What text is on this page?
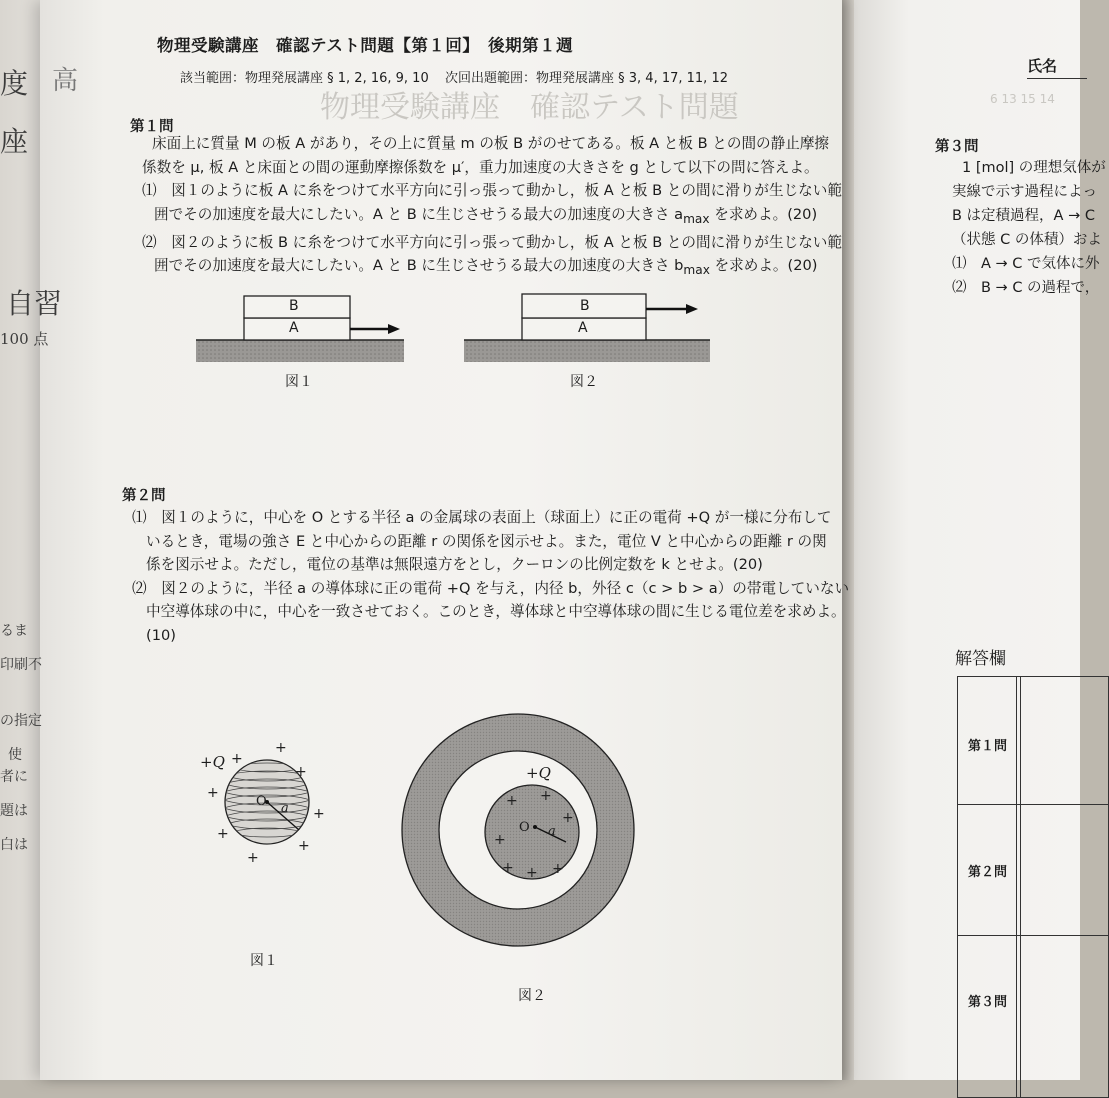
度 高
座
自習
100 点
るま
印刷不
の指定
使
者に
題は
白は
物理受験講座　確認テスト問題
物理受験講座　確認テスト問題【第１回】　後期第１週
該当範囲：物理発展講座 § 1, 2, 16, 9, 10 次回出題範囲：物理発展講座 § 3, 4, 17, 11, 12
第１問
床面上に質量 M の板 A があり，その上に質量 m の板 B がのせてある。板 A と板 B との間の静止摩擦
係数を μ, 板 A と床面との間の運動摩擦係数を μ′，重力加速度の大きさを g として以下の問に答えよ。
⑴　図１のように板 A に糸をつけて水平方向に引っ張って動かし，板 A と板 B との間に滑りが生じない範
囲でその加速度を最大にしたい。A と B に生じさせうる最大の加速度の大きさ $a_{max}$ を求めよ。(20)
⑵　図２のように板 B に糸をつけて水平方向に引っ張って動かし，板 A と板 B との間に滑りが生じない範
囲でその加速度を最大にしたい。A と B に生じさせうる最大の加速度の大きさ $b_{max}$ を求めよ。(20)
B
A
B
A
図１	図２
第２問
⑴　図１のように，中心を O とする半径 a の金属球の表面上（球面上）に正の電荷 +Q が一様に分布して
いるとき，電場の強さ E と中心からの距離 r の関係を図示せよ。また，電位 V と中心からの距離 r の関
係を図示せよ。ただし，電位の基準は無限遠方をとし，クーロンの比例定数を k とせよ。(20)
⑵　図２のように，半径 a の導体球に正の電荷 +Q を与え，内径 b，外径 c（c > b > a）の帯電していない
中空導体球の中に，中心を一致させておく。このとき，導体球と中空導体球の間に生じる電位差を求めよ。
(10)
+
+
+
+
+
+
+
+
+Q
O a
図１
+ +
+
+
+ + +
+Q
O a
図２
6 13 15 14
氏名
第３問
1 [mol] の理想気体が
実線で示す過程によっ
B は定積過程，A → C
（状態 C の体積）およ
⑴　A → C で気体に外
⑵　B → C の過程で，
解答欄
第１問
第２問
第３問
